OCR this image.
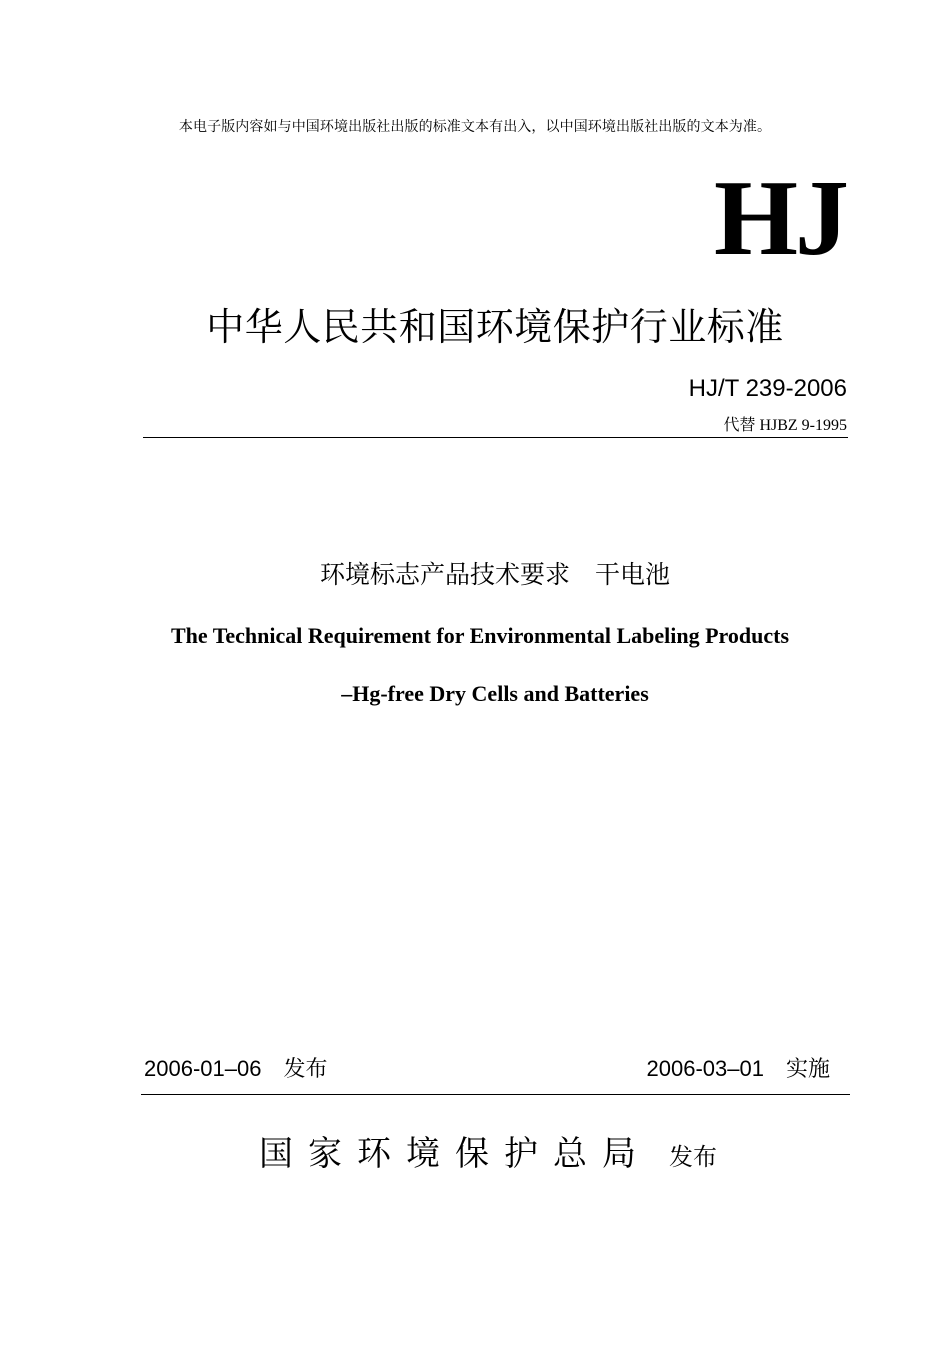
本电子版内容如与中国环境出版社出版的标准文本有出入，以中国环境出版社出版的文本为准。
HJ
中华人民共和国环境保护行业标准
HJ/T 239-2006
代替 HJBZ 9-1995
环境标志产品技术要求　干电池
The Technical Requirement for Environmental Labeling Products
–Hg-free Dry Cells and Batteries
2006-01–06 发布	2006-03–01 实施
国家环境保护总局 发布
